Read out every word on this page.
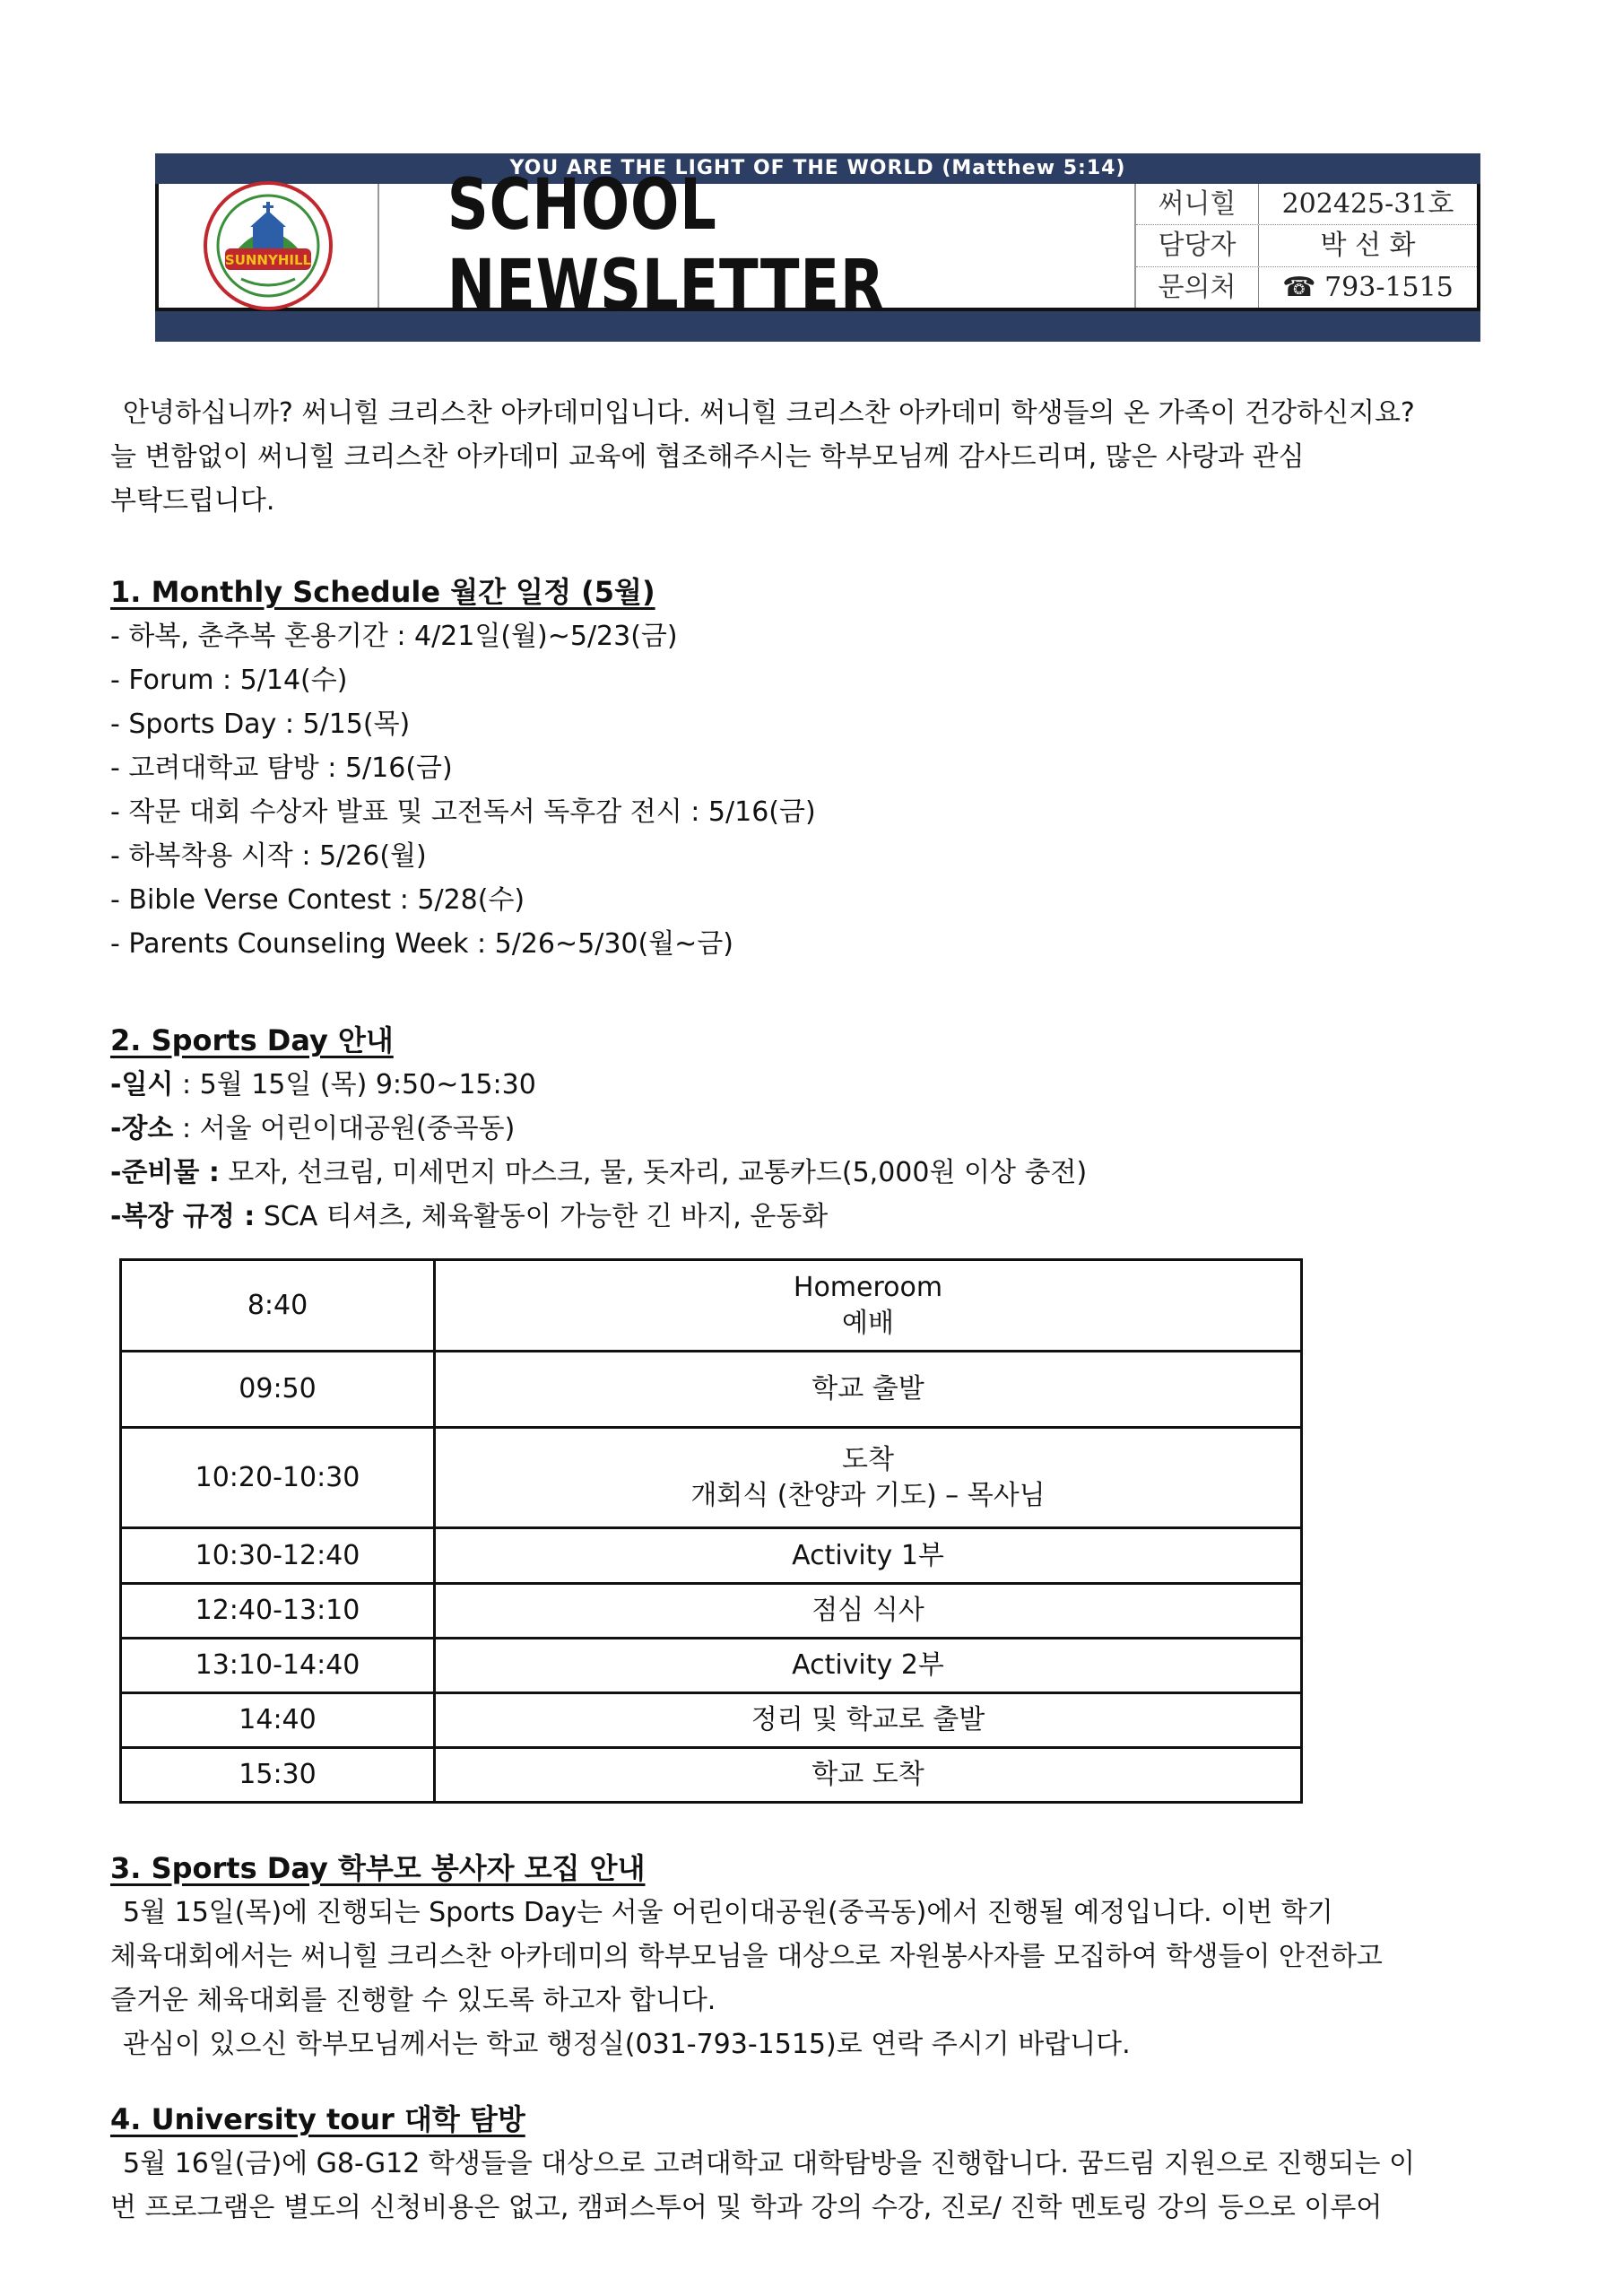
YOU ARE THE LIGHT OF THE WORLD (Matthew 5:14)
SUNNYHILL
SCHOOL NEWSLETTER
써니힐	202425-31호
담당자	박 선 화
문의처	☎ 793-1515
안녕하십니까? 써니힐 크리스찬 아카데미입니다. 써니힐 크리스찬 아카데미 학생들의 온 가족이 건강하신지요?
늘 변함없이 써니힐 크리스찬 아카데미 교육에 협조해주시는 학부모님께 감사드리며, 많은 사랑과 관심
부탁드립니다.
1. Monthly Schedule 월간 일정 (5월)
- 하복, 춘추복 혼용기간 : 4/21일(월)~5/23(금)
- Forum : 5/14(수)
- Sports Day : 5/15(목)
- 고려대학교 탐방 : 5/16(금)
- 작문 대회 수상자 발표 및 고전독서 독후감 전시 : 5/16(금)
- 하복착용 시작 : 5/26(월)
- Bible Verse Contest : 5/28(수)
- Parents Counseling Week : 5/26~5/30(월~금)
2. Sports Day 안내
-일시 : 5월 15일 (목) 9:50~15:30
-장소 : 서울 어린이대공원(중곡동)
-준비물 : 모자, 선크림, 미세먼지 마스크, 물, 돗자리, 교통카드(5,000원 이상 충전)
-복장 규정 : SCA 티셔츠, 체육활동이 가능한 긴 바지, 운동화
8:40	Homeroom
예배

09:50	학교 출발

10:20-10:30	도착
개회식 (찬양과 기도) – 목사님

10:30-12:40	Activity 1부

12:40-13:10	점심 식사

13:10-14:40	Activity 2부

14:40	정리 및 학교로 출발

15:30	학교 도착
3. Sports Day 학부모 봉사자 모집 안내
5월 15일(목)에 진행되는 Sports Day는 서울 어린이대공원(중곡동)에서 진행될 예정입니다. 이번 학기
체육대회에서는 써니힐 크리스찬 아카데미의 학부모님을 대상으로 자원봉사자를 모집하여 학생들이 안전하고
즐거운 체육대회를 진행할 수 있도록 하고자 합니다.
관심이 있으신 학부모님께서는 학교 행정실(031-793-1515)로 연락 주시기 바랍니다.
4. University tour 대학 탐방
5월 16일(금)에 G8-G12 학생들을 대상으로 고려대학교 대학탐방을 진행합니다. 꿈드림 지원으로 진행되는 이
번 프로그램은 별도의 신청비용은 없고, 캠퍼스투어 및 학과 강의 수강, 진로/ 진학 멘토링 강의 등으로 이루어
